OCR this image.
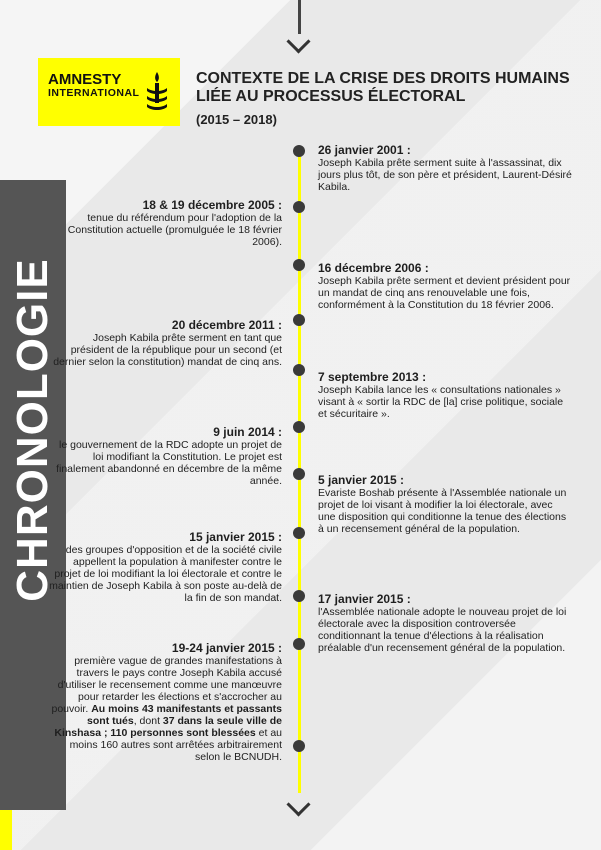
CHRONOLOGIE
AMNESTY
INTERNATIONAL
CONTEXTE DE LA CRISE DES DROITS HUMAINS LIÉE AU PROCESSUS ÉLECTORAL
(2015 – 2018)
26 janvier 2001 :
Joseph Kabila prête serment suite à l'assassinat, dix jours plus tôt, de son père et président, Laurent-Désiré Kabila.
18 & 19 décembre 2005 :
tenue du référendum pour l'adoption de la Constitution actuelle (promulguée le 18 février 2006).
16 décembre 2006 :
Joseph Kabila prête serment et devient président pour un mandat de cinq ans renouvelable une fois, conformément à la Constitution du 18 février 2006.
20 décembre 2011 :
Joseph Kabila prête serment en tant que président de la république pour un second (et dernier selon la constitution) mandat de cinq ans.
7 septembre 2013 :
Joseph Kabila lance les « consultations nationales » visant à « sortir la RDC de [la] crise politique, sociale et sécuritaire ».
9 juin 2014 :
le gouvernement de la RDC adopte un projet de loi modifiant la Constitution. Le projet est finalement abandonné en décembre de la même année.	5 janvier 2015 :
Evariste Boshab présente à l'Assemblée nationale un projet de loi visant à modifier la loi électorale, avec une disposition qui conditionne la tenue des élections à un recensement général de la population.
15 janvier 2015 :
des groupes d'opposition et de la société civile appellent la population à manifester contre le projet de loi modifiant la loi électorale et contre le maintien de Joseph Kabila à son poste au-delà de la fin de son mandat.	17 janvier 2015 :
l'Assemblée nationale adopte le nouveau projet de loi électorale avec la disposition controversée conditionnant la tenue d'élections à la réalisation préalable d'un recensement général de la population.
19-24 janvier 2015 :
première vague de grandes manifestations à travers le pays contre Joseph Kabila accusé d'utiliser le recensement comme une manœuvre pour retarder les élections et s'accrocher au pouvoir. Au moins 43 manifestants et passants sont tués, dont 37 dans la seule ville de Kinshasa ; 110 personnes sont blessées et au moins 160 autres sont arrêtées arbitrairement selon le BCNUDH.
